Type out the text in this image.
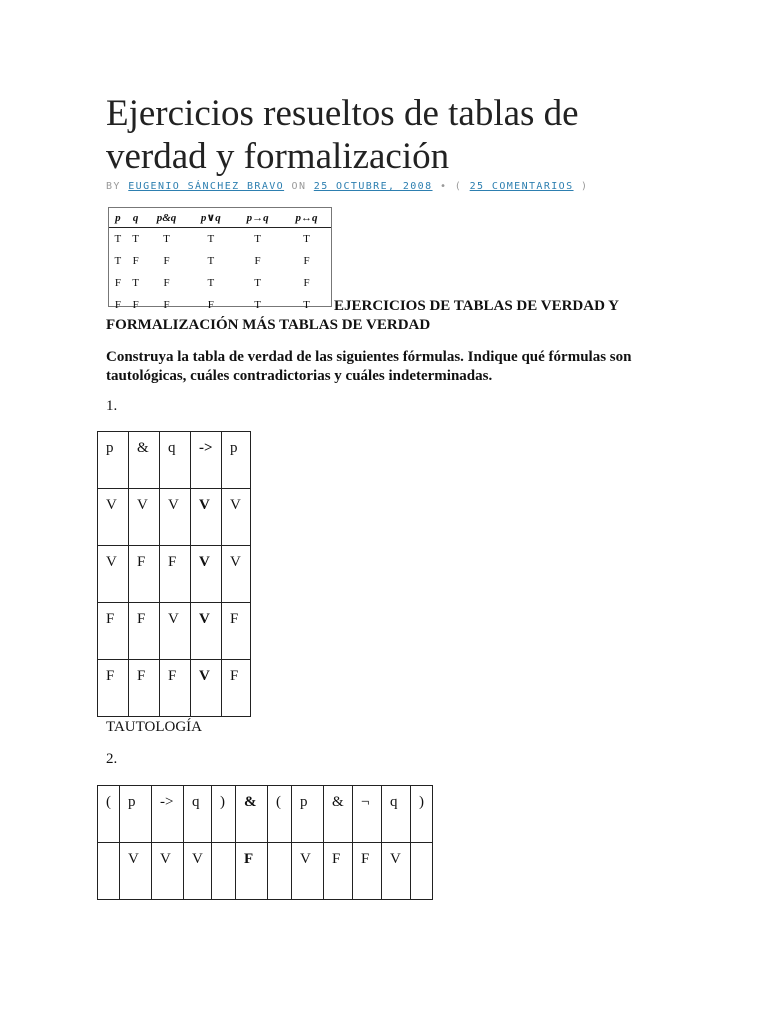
Ejercicios resueltos de tablas de verdad y formalización
BY EUGENIO SÁNCHEZ BRAVO ON 25 OCTUBRE, 2008 • ( 25 COMENTARIOS )
p	q	p&q	p∨q	p→q	p↔q
T	T	T	T	T	T
T	F	F	T	F	F
F	T	F	T	T	F
F	F	F	F	T	T	EJERCICIOS DE TABLAS DE VERDAD Y FORMALIZACIÓN MÁS TABLAS DE VERDAD
Construya la tabla de verdad de las siguientes fórmulas. Indique qué fórmulas son tautológicas, cuáles contradictorias y cuáles indeterminadas.
1.
p	&	q	->	p
V	V	V	V	V
V	F	F	V	V
F	F	V	V	F
F	F	F	V	F
TAUTOLOGÍA
2.
(	p	->	q	)	&	(	p	&	¬	q	)
	V	V	V		F		V	F	F	V	
